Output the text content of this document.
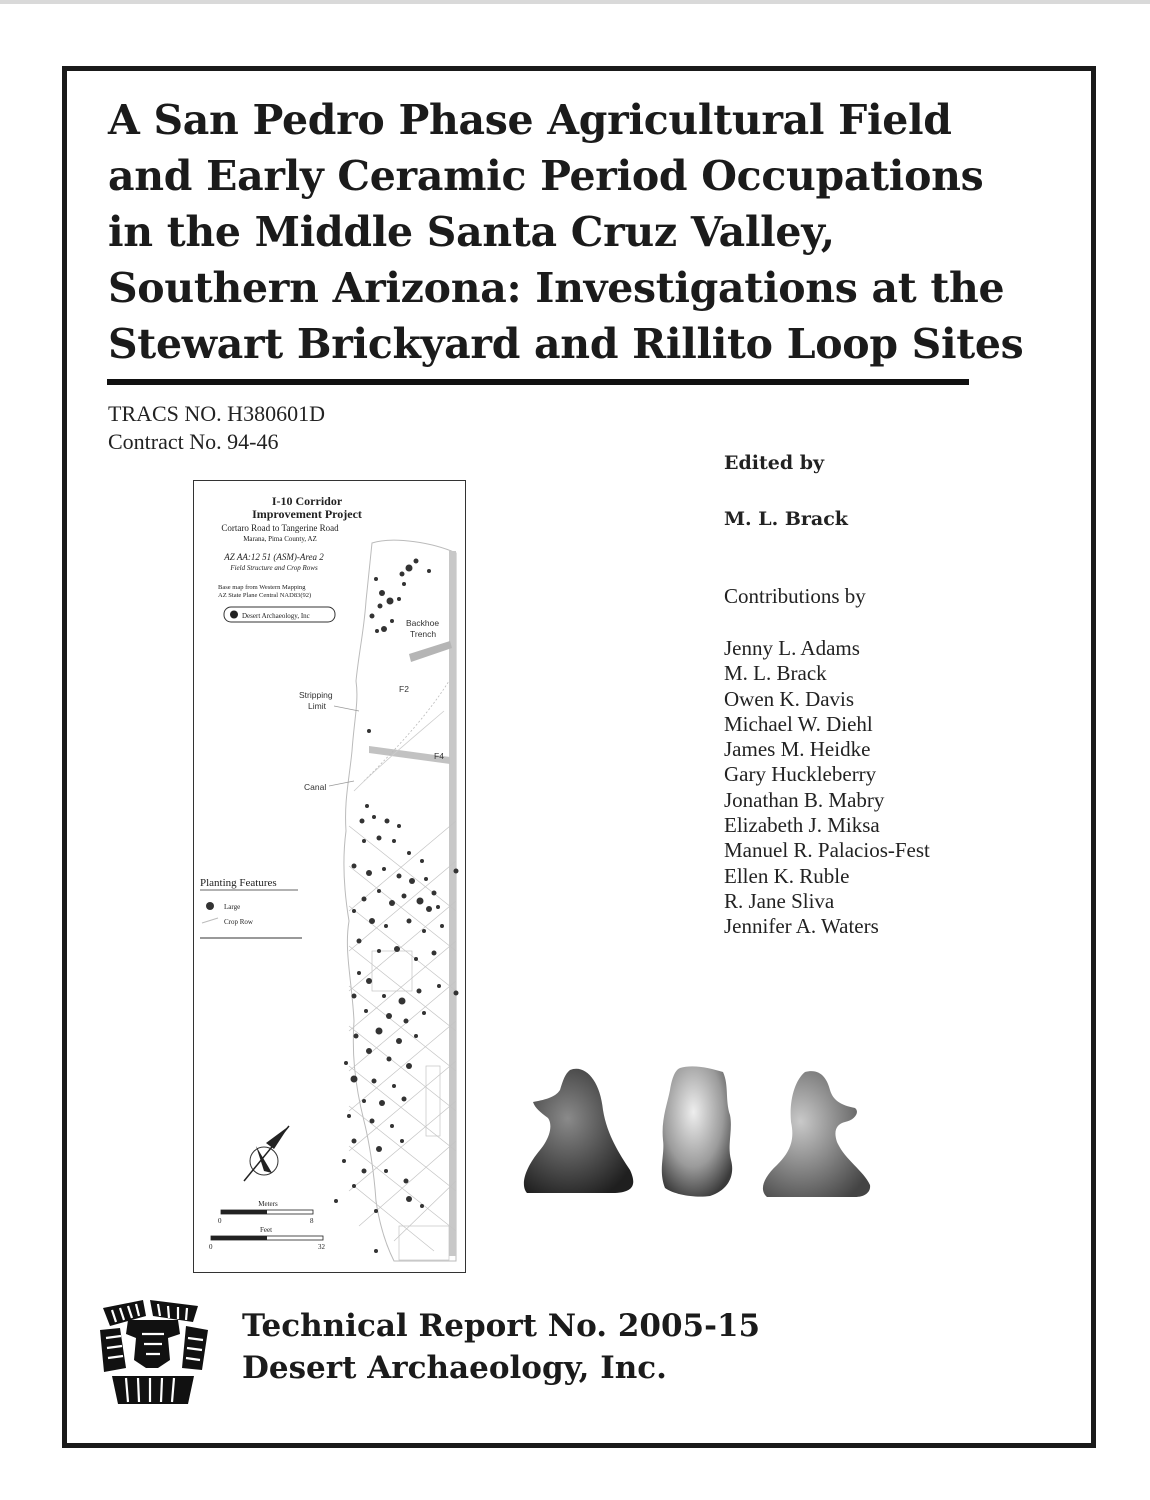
A San Pedro Phase Agricultural Field
and Early Ceramic Period Occupations
in the Middle Santa Cruz Valley,
Southern Arizona: Investigations at the
Stewart Brickyard and Rillito Loop Sites
TRACS NO. H380601D
Contract No. 94-46
Edited by
M. L. Brack
Contributions by
Jenny L. Adams
M. L. Brack
Owen K. Davis
Michael W. Diehl
James M. Heidke
Gary Huckleberry
Jonathan B. Mabry
Elizabeth J. Miksa
Manuel R. Palacios-Fest
Ellen K. Ruble
R. Jane Sliva
Jennifer A. Waters
I-10 Corridor
Improvement Project
Cortaro Road to Tangerine Road
Marana, Pima County, AZ
AZ AA:12 51 (ASM)-Area 2
Field Structure and Crop Rows
Base map from Western Mapping
AZ State Plane Central NAD83(92)
Desert Archaeology, Inc
Backhoe
Trench
F2
F4
Stripping
Limit
Canal
Planting Features
Large
Crop Row
Meters
0	8
Feet
0	32
Technical Report No. 2005-15
Desert Archaeology, Inc.
